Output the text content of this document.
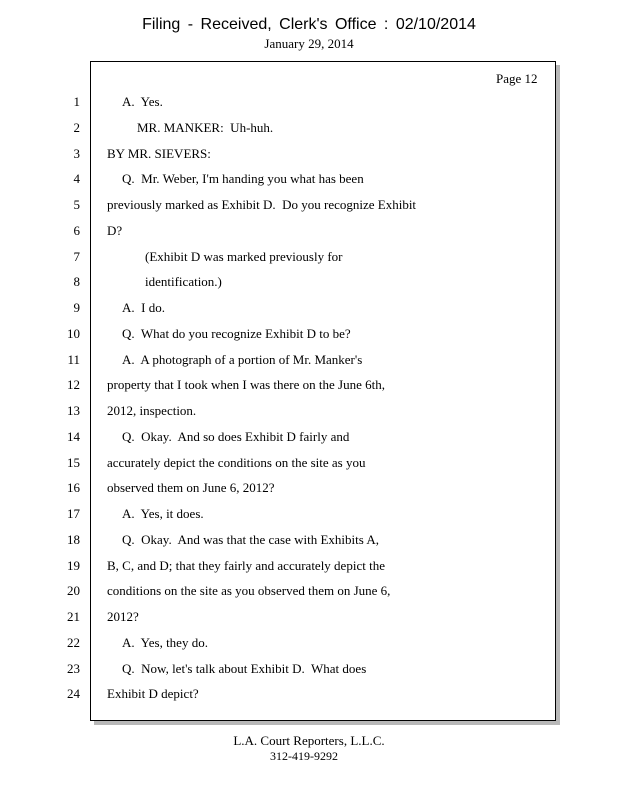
Filing - Received, Clerk's Office : 02/10/2014
January 29, 2014
Page 12
1	A.  Yes.
2	MR. MANKER:  Uh-huh.
3 BY MR. SIEVERS:
4	Q.  Mr. Weber, I'm handing you what has been
5 previously marked as Exhibit D.  Do you recognize Exhibit
6 D?
7	(Exhibit D was marked previously for
8	identification.)
9	A.  I do.
10	Q.  What do you recognize Exhibit D to be?
11	A.  A photograph of a portion of Mr. Manker's
12 property that I took when I was there on the June 6th,
13 2012, inspection.
14	Q.  Okay.  And so does Exhibit D fairly and
15 accurately depict the conditions on the site as you
16 observed them on June 6, 2012?
17	A.  Yes, it does.
18	Q.  Okay.  And was that the case with Exhibits A,
19 B, C, and D; that they fairly and accurately depict the
20 conditions on the site as you observed them on June 6,
21 2012?
22	A.  Yes, they do.
23	Q.  Now, let's talk about Exhibit D.  What does
24 Exhibit D depict?
L.A. Court Reporters, L.L.C.
312-419-9292
